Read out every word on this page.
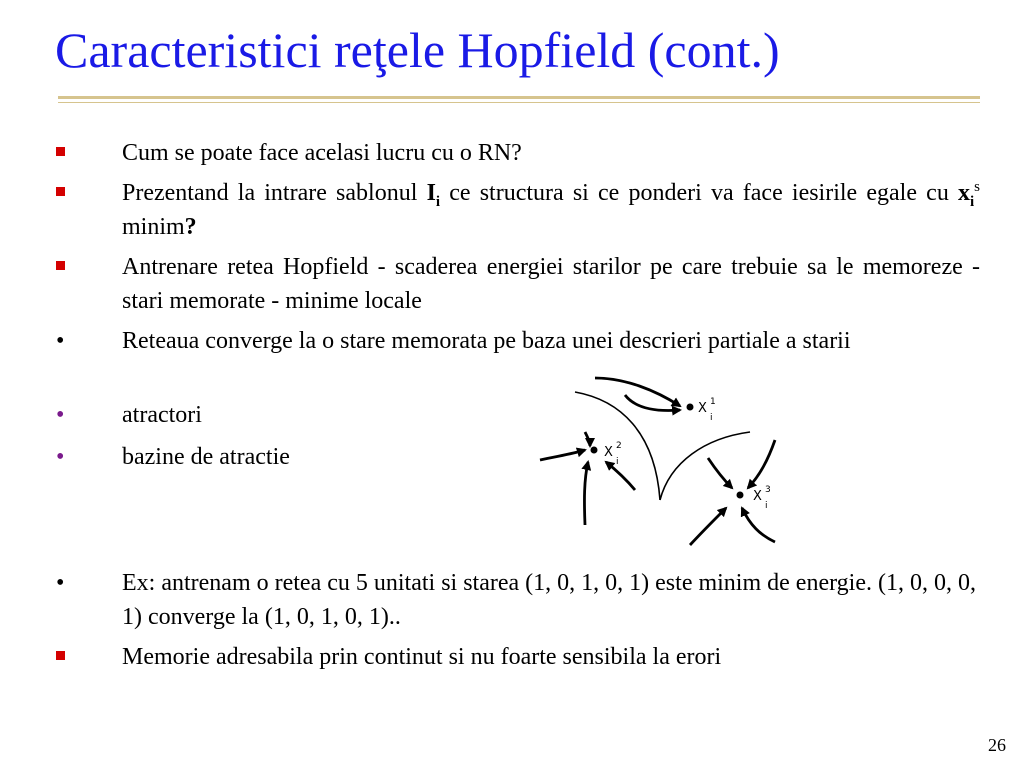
Caracteristici reţele Hopfield (cont.)
Cum se poate face acelasi lucru cu o RN?
Prezentand la intrare sablonul $I_i$ ce structura si ce ponderi va face iesirile egale cu $x_i^s$ minim?
Antrenare retea Hopfield - scaderea energiei starilor pe care trebuie sa le memoreze - stari memorate - minime locale
•	Reteaua converge la o stare memorata pe baza unei descrieri partiale a starii
•	atractori
•	bazine de atractie
•	Ex: antrenam o retea cu 5 unitati si starea (1, 0, 1, 0, 1) este minim de energie. (1, 0, 0, 0, 1) converge la (1, 0, 1, 0, 1)..
Memorie adresabila prin continut si nu foarte sensibila la erori
X 1
i
X 2
i
X 3
i
26
